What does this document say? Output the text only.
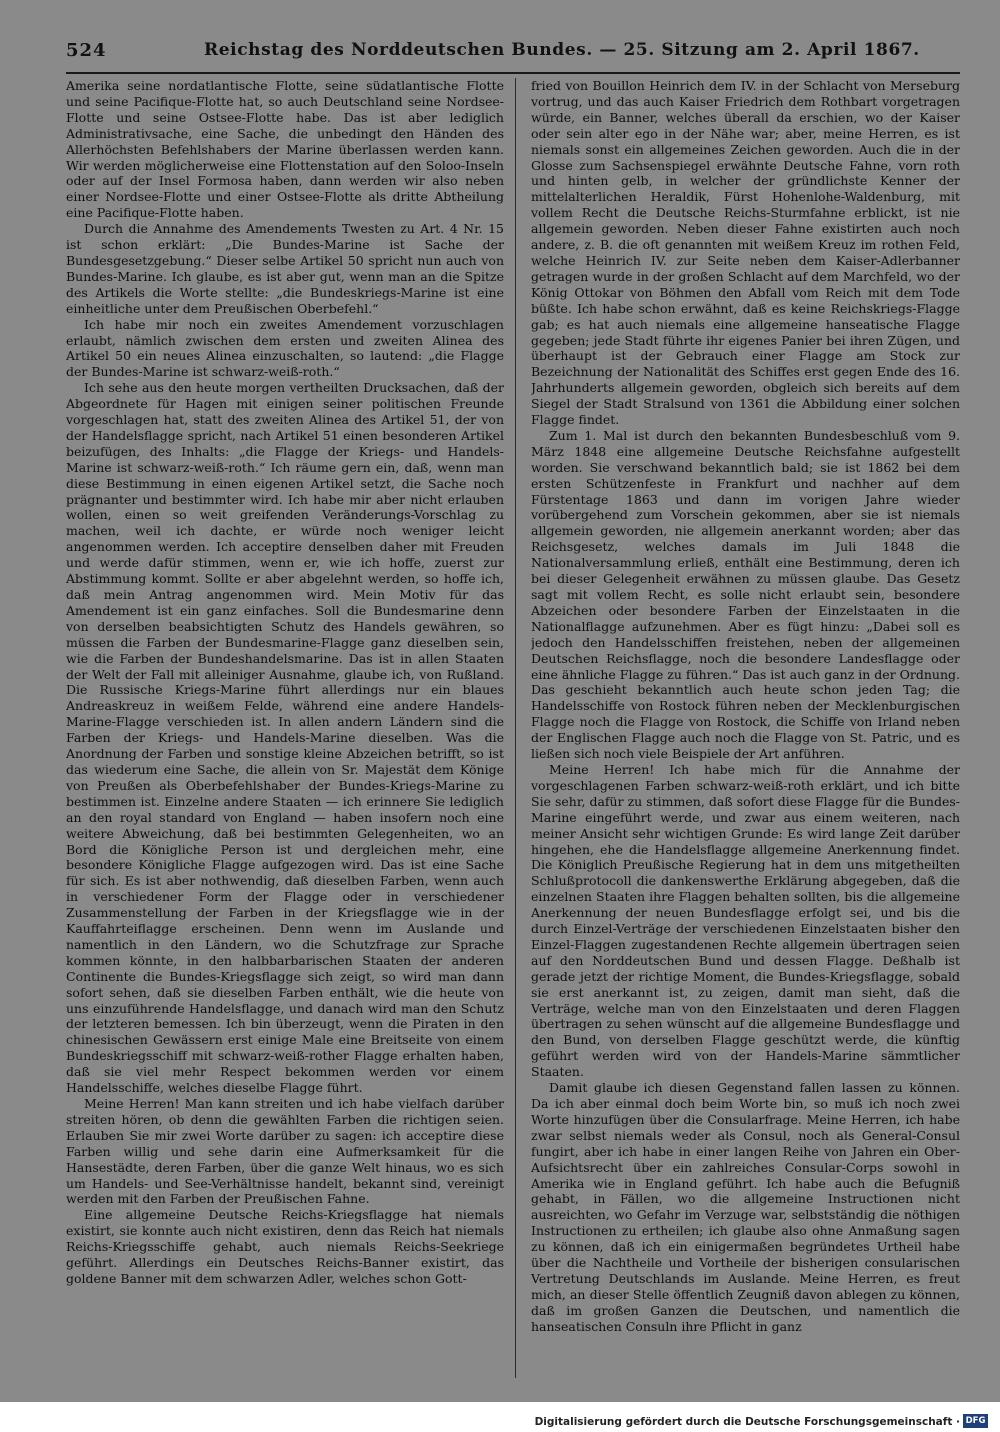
524	Reichstag des Norddeutschen Bundes. — 25. Sitzung am 2. April 1867.

Amerika seine nordatlantische Flotte, seine südatlantische Flotte und seine Pacifique-Flotte hat, so auch Deutschland seine Nordsee-Flotte und seine Ostsee-Flotte habe. Das ist aber lediglich Administrativsache, eine Sache, die unbedingt den Händen des Allerhöchsten Befehlshabers der Marine überlassen werden kann. Wir werden möglicherweise eine Flottenstation auf den Soloo-Inseln oder auf der Insel Formosa haben, dann werden wir also neben einer Nordsee-Flotte und einer Ostsee-Flotte als dritte Abtheilung eine Pacifique-Flotte haben.

Durch die Annahme des Amendements Twesten zu Art. 4 Nr. 15 ist schon erklärt: „Die Bundes-Marine ist Sache der Bundesgesetzgebung.“ Dieser selbe Artikel 50 spricht nun auch von Bundes-Marine. Ich glaube, es ist aber gut, wenn man an die Spitze des Artikels die Worte stellte: „die Bundeskriegs-Marine ist eine einheitliche unter dem Preußischen Oberbefehl.“

Ich habe mir noch ein zweites Amendement vorzuschlagen erlaubt, nämlich zwischen dem ersten und zweiten Alinea des Artikel 50 ein neues Alinea einzuschalten, so lautend: „die Flagge der Bundes-Marine ist schwarz-weiß-roth.“

Ich sehe aus den heute morgen vertheilten Drucksachen, daß der Abgeordnete für Hagen mit einigen seiner politischen Freunde vorgeschlagen hat, statt des zweiten Alinea des Artikel 51, der von der Handelsflagge spricht, nach Artikel 51 einen besonderen Artikel beizufügen, des Inhalts: „die Flagge der Kriegs- und Handels-Marine ist schwarz-weiß-roth.“ Ich räume gern ein, daß, wenn man diese Bestimmung in einen eigenen Artikel setzt, die Sache noch prägnanter und bestimmter wird. Ich habe mir aber nicht erlauben wollen, einen so weit greifenden Veränderungs-Vorschlag zu machen, weil ich dachte, er würde noch weniger leicht angenommen werden. Ich acceptire denselben daher mit Freuden und werde dafür stimmen, wenn er, wie ich hoffe, zuerst zur Abstimmung kommt. Sollte er aber abgelehnt werden, so hoffe ich, daß mein Antrag angenommen wird. Mein Motiv für das Amendement ist ein ganz einfaches. Soll die Bundesmarine denn von derselben beabsichtigten Schutz des Handels gewähren, so müssen die Farben der Bundesmarine-Flagge ganz dieselben sein, wie die Farben der Bundeshandelsmarine. Das ist in allen Staaten der Welt der Fall mit alleiniger Ausnahme, glaube ich, von Rußland. Die Russische Kriegs-Marine führt allerdings nur ein blaues Andreaskreuz in weißem Felde, während eine andere Handels-Marine-Flagge verschieden ist. In allen andern Ländern sind die Farben der Kriegs- und Handels-Marine dieselben. Was die Anordnung der Farben und sonstige kleine Abzeichen betrifft, so ist das wiederum eine Sache, die allein von Sr. Majestät dem Könige von Preußen als Oberbefehlshaber der Bundes-Kriegs-Marine zu bestimmen ist. Einzelne andere Staaten — ich erinnere Sie lediglich an den royal standard von England — haben insofern noch eine weitere Abweichung, daß bei bestimmten Gelegenheiten, wo an Bord die Königliche Person ist und dergleichen mehr, eine besondere Königliche Flagge aufgezogen wird. Das ist eine Sache für sich. Es ist aber nothwendig, daß dieselben Farben, wenn auch in verschiedener Form der Flagge oder in verschiedener Zusammenstellung der Farben in der Kriegsflagge wie in der Kauffahrteiflagge erscheinen. Denn wenn im Auslande und namentlich in den Ländern, wo die Schutzfrage zur Sprache kommen könnte, in den halbbarbarischen Staaten der anderen Continente die Bundes-Kriegsflagge sich zeigt, so wird man dann sofort sehen, daß sie dieselben Farben enthält, wie die heute von uns einzuführende Handelsflagge, und danach wird man den Schutz der letzteren bemessen. Ich bin überzeugt, wenn die Piraten in den chinesischen Gewässern erst einige Male eine Breitseite von einem Bundeskriegsschiff mit schwarz-weiß-rother Flagge erhalten haben, daß sie viel mehr Respect bekommen werden vor einem Handelsschiffe, welches dieselbe Flagge führt.

Meine Herren! Man kann streiten und ich habe vielfach darüber streiten hören, ob denn die gewählten Farben die richtigen seien. Erlauben Sie mir zwei Worte darüber zu sagen: ich acceptire diese Farben willig und sehe darin eine Aufmerksamkeit für die Hansestädte, deren Farben, über die ganze Welt hinaus, wo es sich um Handels- und See-Verhältnisse handelt, bekannt sind, vereinigt werden mit den Farben der Preußischen Fahne.

Eine allgemeine Deutsche Reichs-Kriegsflagge hat niemals existirt, sie konnte auch nicht existiren, denn das Reich hat niemals Reichs-Kriegsschiffe gehabt, auch niemals Reichs-Seekriege geführt. Allerdings ein Deutsches Reichs-Banner existirt, das goldene Banner mit dem schwarzen Adler, welches schon Gott-

fried von Bouillon Heinrich dem IV. in der Schlacht von Merseburg vortrug, und das auch Kaiser Friedrich dem Rothbart vorgetragen würde, ein Banner, welches überall da erschien, wo der Kaiser oder sein alter ego in der Nähe war; aber, meine Herren, es ist niemals sonst ein allgemeines Zeichen geworden. Auch die in der Glosse zum Sachsenspiegel erwähnte Deutsche Fahne, vorn roth und hinten gelb, in welcher der gründlichste Kenner der mittelalterlichen Heraldik, Fürst Hohenlohe-Waldenburg, mit vollem Recht die Deutsche Reichs-Sturmfahne erblickt, ist nie allgemein geworden. Neben dieser Fahne existirten auch noch andere, z. B. die oft genannten mit weißem Kreuz im rothen Feld, welche Heinrich IV. zur Seite neben dem Kaiser-Adlerbanner getragen wurde in der großen Schlacht auf dem Marchfeld, wo der König Ottokar von Böhmen den Abfall vom Reich mit dem Tode büßte. Ich habe schon erwähnt, daß es keine Reichskriegs-Flagge gab; es hat auch niemals eine allgemeine hanseatische Flagge gegeben; jede Stadt führte ihr eigenes Panier bei ihren Zügen, und überhaupt ist der Gebrauch einer Flagge am Stock zur Bezeichnung der Nationalität des Schiffes erst gegen Ende des 16. Jahrhunderts allgemein geworden, obgleich sich bereits auf dem Siegel der Stadt Stralsund von 1361 die Abbildung einer solchen Flagge findet.

Zum 1. Mal ist durch den bekannten Bundesbeschluß vom 9. März 1848 eine allgemeine Deutsche Reichsfahne aufgestellt worden. Sie verschwand bekanntlich bald; sie ist 1862 bei dem ersten Schützenfeste in Frankfurt und nachher auf dem Fürstentage 1863 und dann im vorigen Jahre wieder vorübergehend zum Vorschein gekommen, aber sie ist niemals allgemein geworden, nie allgemein anerkannt worden; aber das Reichsgesetz, welches damals im Juli 1848 die Nationalversammlung erließ, enthält eine Bestimmung, deren ich bei dieser Gelegenheit erwähnen zu müssen glaube. Das Gesetz sagt mit vollem Recht, es solle nicht erlaubt sein, besondere Abzeichen oder besondere Farben der Einzelstaaten in die Nationalflagge aufzunehmen. Aber es fügt hinzu: „Dabei soll es jedoch den Handelsschiffen freistehen, neben der allgemeinen Deutschen Reichsflagge, noch die besondere Landesflagge oder eine ähnliche Flagge zu führen.“ Das ist auch ganz in der Ordnung. Das geschieht bekanntlich auch heute schon jeden Tag; die Handelsschiffe von Rostock führen neben der Mecklenburgischen Flagge noch die Flagge von Rostock, die Schiffe von Irland neben der Englischen Flagge auch noch die Flagge von St. Patric, und es ließen sich noch viele Beispiele der Art anführen.

Meine Herren! Ich habe mich für die Annahme der vorgeschlagenen Farben schwarz-weiß-roth erklärt, und ich bitte Sie sehr, dafür zu stimmen, daß sofort diese Flagge für die Bundes-Marine eingeführt werde, und zwar aus einem weiteren, nach meiner Ansicht sehr wichtigen Grunde: Es wird lange Zeit darüber hingehen, ehe die Handelsflagge allgemeine Anerkennung findet. Die Königlich Preußische Regierung hat in dem uns mitgetheilten Schlußprotocoll die dankenswerthe Erklärung abgegeben, daß die einzelnen Staaten ihre Flaggen behalten sollten, bis die allgemeine Anerkennung der neuen Bundesflagge erfolgt sei, und bis die durch Einzel-Verträge der verschiedenen Einzelstaaten bisher den Einzel-Flaggen zugestandenen Rechte allgemein übertragen seien auf den Norddeutschen Bund und dessen Flagge. Deßhalb ist gerade jetzt der richtige Moment, die Bundes-Kriegsflagge, sobald sie erst anerkannt ist, zu zeigen, damit man sieht, daß die Verträge, welche man von den Einzelstaaten und deren Flaggen übertragen zu sehen wünscht auf die allgemeine Bundesflagge und den Bund, von derselben Flagge geschützt werde, die künftig geführt werden wird von der Handels-Marine sämmtlicher Staaten.

Damit glaube ich diesen Gegenstand fallen lassen zu können. Da ich aber einmal doch beim Worte bin, so muß ich noch zwei Worte hinzufügen über die Consularfrage. Meine Herren, ich habe zwar selbst niemals weder als Consul, noch als General-Consul fungirt, aber ich habe in einer langen Reihe von Jahren ein Ober-Aufsichtsrecht über ein zahlreiches Consular-Corps sowohl in Amerika wie in England geführt. Ich habe auch die Befugniß gehabt, in Fällen, wo die allgemeine Instructionen nicht ausreichten, wo Gefahr im Verzuge war, selbstständig die nöthigen Instructionen zu ertheilen; ich glaube also ohne Anmaßung sagen zu können, daß ich ein einigermaßen begründetes Urtheil habe über die Nachtheile und Vortheile der bisherigen consularischen Vertretung Deutschlands im Auslande. Meine Herren, es freut mich, an dieser Stelle öffentlich Zeugniß davon ablegen zu können, daß im großen Ganzen die Deutschen, und namentlich die hanseatischen Consuln ihre Pflicht in ganz

Digitalisierung gefördert durch die Deutsche Forschungsgemeinschaft · DFG
